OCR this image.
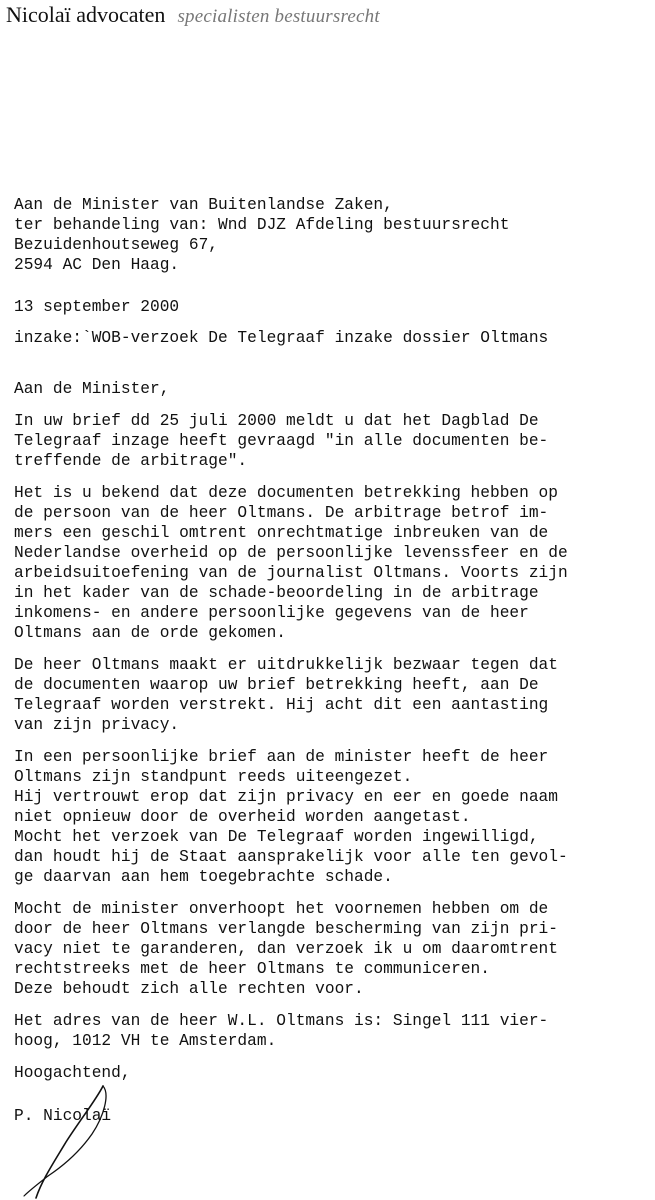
Nicolaï advocaten specialisten bestuursrecht
Aan de Minister van Buitenlandse Zaken,
ter behandeling van: Wnd DJZ Afdeling bestuursrecht
Bezuidenhoutseweg 67,
2594 AC Den Haag.
13 september 2000
inzake:`WOB-verzoek De Telegraaf inzake dossier Oltmans
Aan de Minister,
In uw brief dd 25 juli 2000 meldt u dat het Dagblad De
Telegraaf inzage heeft gevraagd "in alle documenten be-
treffende de arbitrage".
Het is u bekend dat deze documenten betrekking hebben op
de persoon van de heer Oltmans. De arbitrage betrof im-
mers een geschil omtrent onrechtmatige inbreuken van de
Nederlandse overheid op de persoonlijke levenssfeer en de
arbeidsuitoefening van de journalist Oltmans. Voorts zijn
in het kader van de schade-beoordeling in de arbitrage
inkomens- en andere persoonlijke gegevens van de heer
Oltmans aan de orde gekomen.
De heer Oltmans maakt er uitdrukkelijk bezwaar tegen dat
de documenten waarop uw brief betrekking heeft, aan De
Telegraaf worden verstrekt. Hij acht dit een aantasting
van zijn privacy.
In een persoonlijke brief aan de minister heeft de heer
Oltmans zijn standpunt reeds uiteengezet.
Hij vertrouwt erop dat zijn privacy en eer en goede naam
niet opnieuw door de overheid worden aangetast.
Mocht het verzoek van De Telegraaf worden ingewilligd,
dan houdt hij de Staat aansprakelijk voor alle ten gevol-
ge daarvan aan hem toegebrachte schade.
Mocht de minister onverhoopt het voornemen hebben om de
door de heer Oltmans verlangde bescherming van zijn pri-
vacy niet te garanderen, dan verzoek ik u om daaromtrent
rechtstreeks met de heer Oltmans te communiceren.
Deze behoudt zich alle rechten voor.
Het adres van de heer W.L. Oltmans is: Singel 111 vier-
hoog, 1012 VH te Amsterdam.
Hoogachtend,
P. Nicolaï
